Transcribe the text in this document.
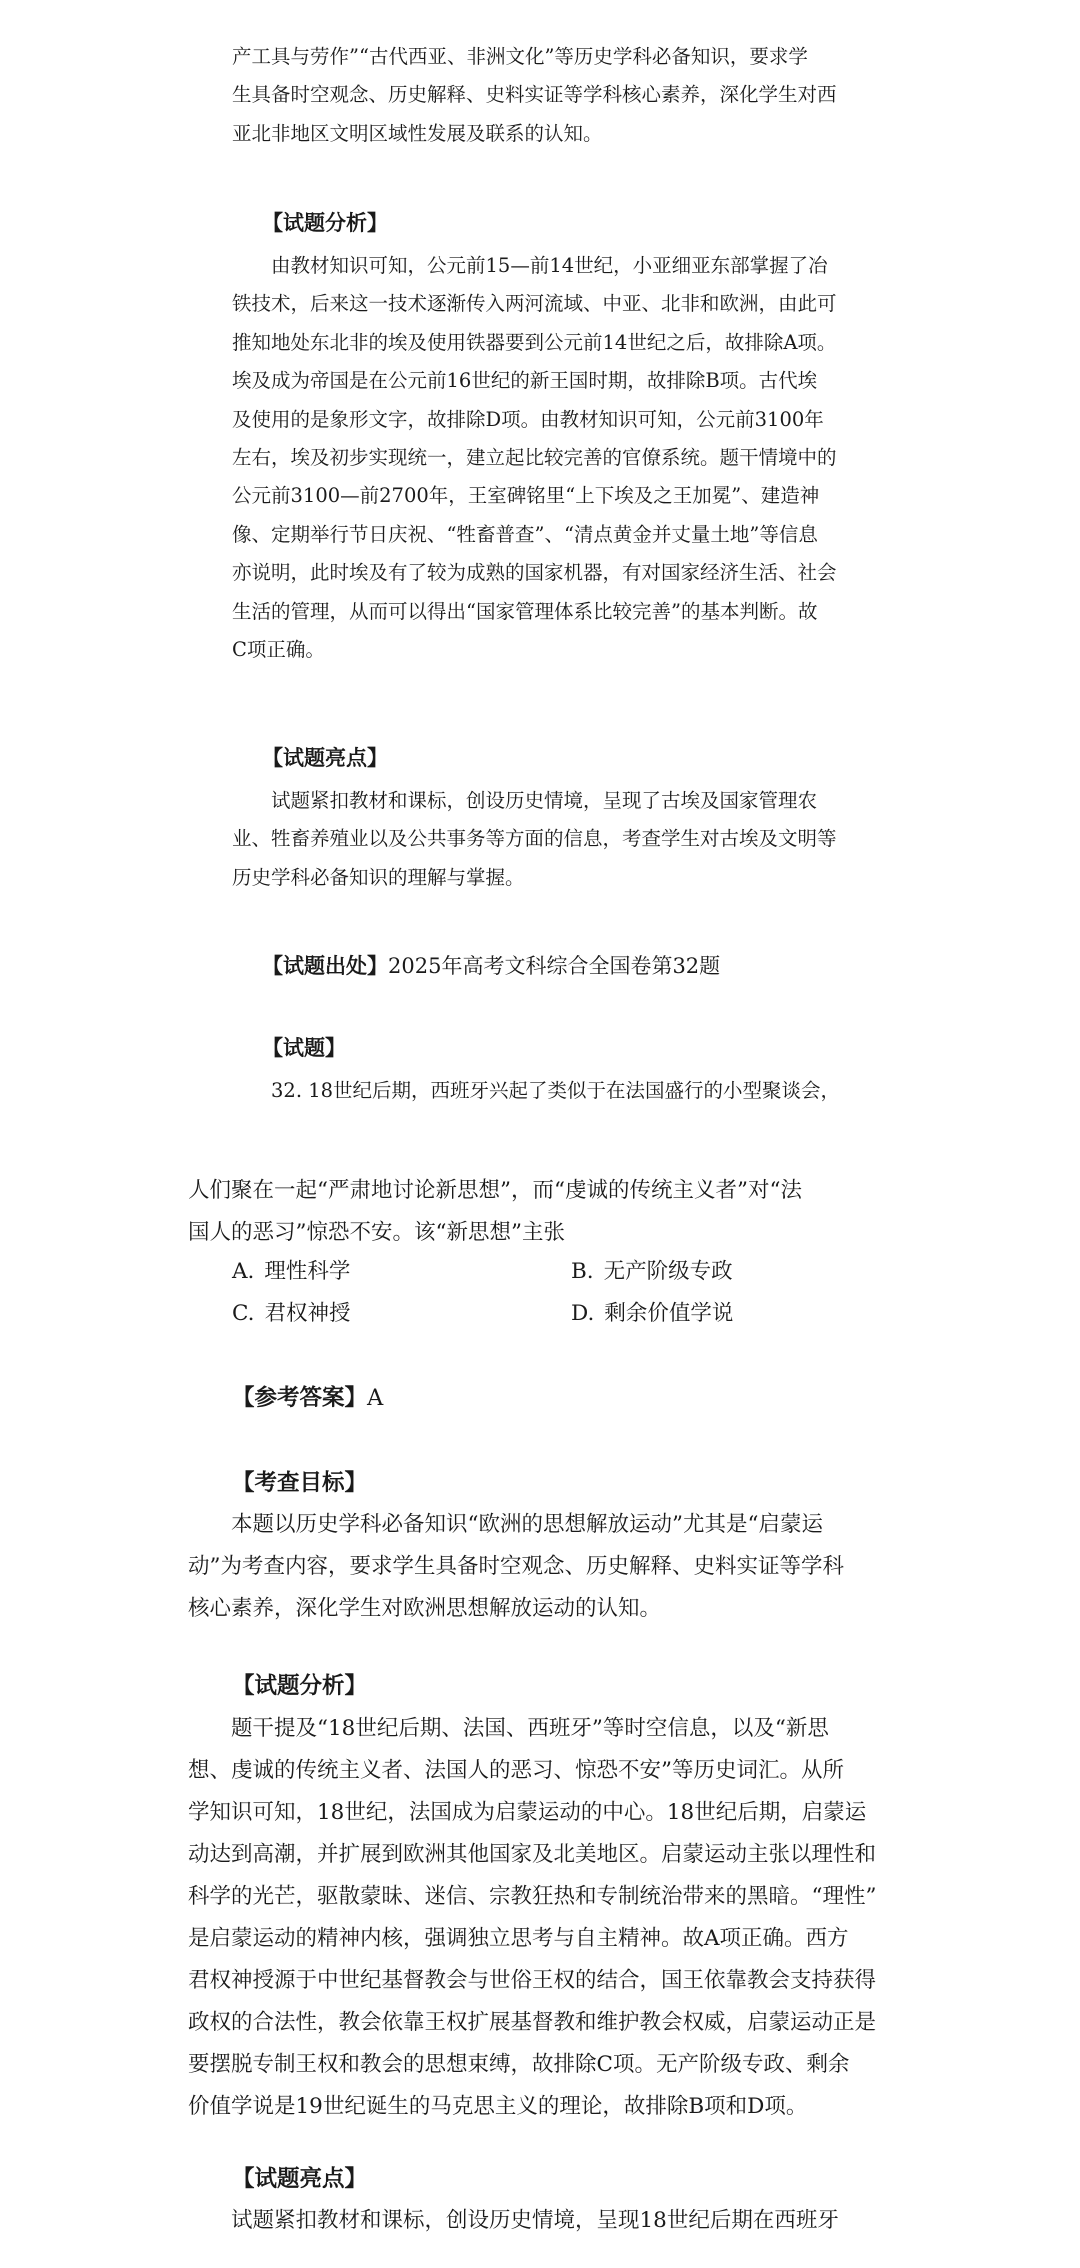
产工具与劳作”“古代西亚、非洲文化”等历史学科必备知识，要求学

生具备时空观念、历史解释、史料实证等学科核心素养，深化学生对西

亚北非地区文明区域性发展及联系的认知。

【试题分析】

由教材知识可知，公元前15—前14世纪，小亚细亚东部掌握了冶

铁技术，后来这一技术逐渐传入两河流域、中亚、北非和欧洲，由此可

推知地处东北非的埃及使用铁器要到公元前14世纪之后，故排除A项。

埃及成为帝国是在公元前16世纪的新王国时期，故排除B项。古代埃

及使用的是象形文字，故排除D项。由教材知识可知，公元前3100年

左右，埃及初步实现统一，建立起比较完善的官僚系统。题干情境中的

公元前3100—前2700年，王室碑铭里“上下埃及之王加冕”、建造神

像、定期举行节日庆祝、“牲畜普查”、“清点黄金并丈量土地”等信息

亦说明，此时埃及有了较为成熟的国家机器，有对国家经济生活、社会

生活的管理，从而可以得出“国家管理体系比较完善”的基本判断。故

C项正确。

【试题亮点】

试题紧扣教材和课标，创设历史情境，呈现了古埃及国家管理农

业、牲畜养殖业以及公共事务等方面的信息，考查学生对古埃及文明等

历史学科必备知识的理解与掌握。

【试题出处】2025年高考文科综合全国卷第32题

【试题】

32. 18世纪后期，西班牙兴起了类似于在法国盛行的小型聚谈会，

人们聚在一起“严肃地讨论新思想”，而“虔诚的传统主义者”对“法

国人的恶习”惊恐不安。该“新思想”主张

A. 理性科学	B. 无产阶级专政
C. 君权神授	D. 剩余价值学说

【参考答案】A

【考查目标】

本题以历史学科必备知识“欧洲的思想解放运动”尤其是“启蒙运

动”为考查内容，要求学生具备时空观念、历史解释、史料实证等学科

核心素养，深化学生对欧洲思想解放运动的认知。

【试题分析】

题干提及“18世纪后期、法国、西班牙”等时空信息，以及“新思

想、虔诚的传统主义者、法国人的恶习、惊恐不安”等历史词汇。从所

学知识可知，18世纪，法国成为启蒙运动的中心。18世纪后期，启蒙运

动达到高潮，并扩展到欧洲其他国家及北美地区。启蒙运动主张以理性和

科学的光芒，驱散蒙昧、迷信、宗教狂热和专制统治带来的黑暗。“理性”

是启蒙运动的精神内核，强调独立思考与自主精神。故A项正确。西方

君权神授源于中世纪基督教会与世俗王权的结合，国王依靠教会支持获得

政权的合法性，教会依靠王权扩展基督教和维护教会权威，启蒙运动正是

要摆脱专制王权和教会的思想束缚，故排除C项。无产阶级专政、剩余

价值学说是19世纪诞生的马克思主义的理论，故排除B项和D项。

【试题亮点】

试题紧扣教材和课标，创设历史情境，呈现18世纪后期在西班牙
